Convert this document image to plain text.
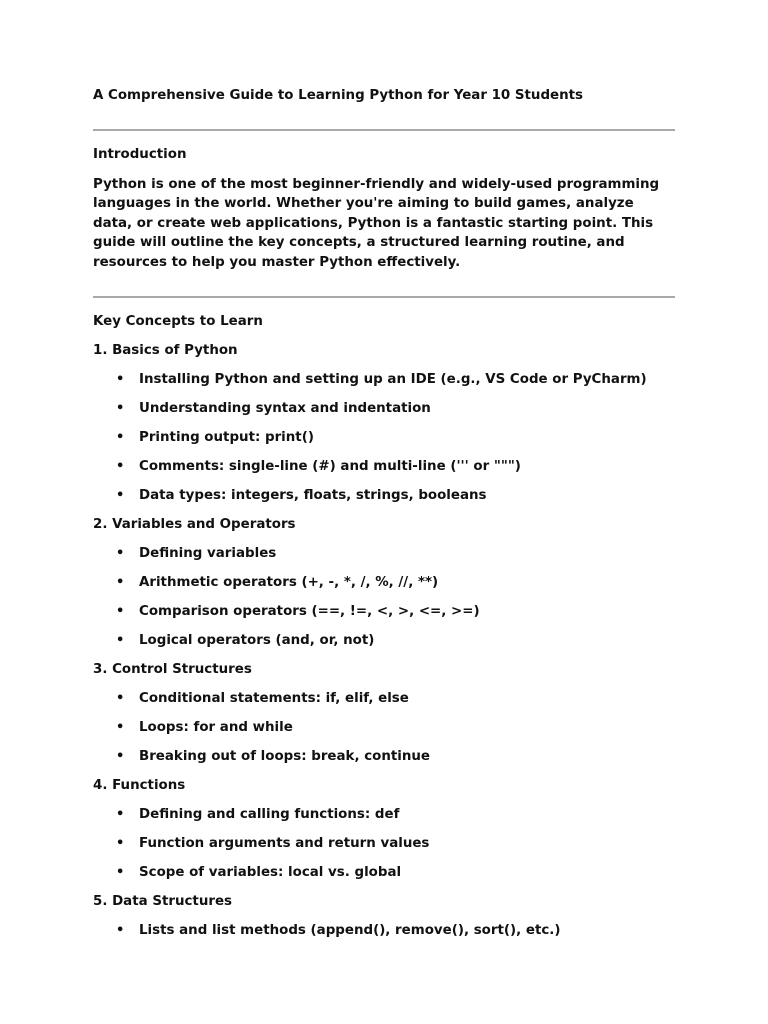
A Comprehensive Guide to Learning Python for Year 10 Students
Introduction

Python is one of the most beginner-friendly and widely-used programming languages in the world. Whether you're aiming to build games, analyze data, or create web applications, Python is a fantastic starting point. This guide will outline the key concepts, a structured learning routine, and resources to help you master Python effectively.

Key Concepts to Learn
1. Basics of Python
• Installing Python and setting up an IDE (e.g., VS Code or PyCharm)
• Understanding syntax and indentation
• Printing output: print()
• Comments: single-line (#) and multi-line (''' or """)
• Data types: integers, floats, strings, booleans
2. Variables and Operators
• Defining variables
• Arithmetic operators (+, -, *, /, %, //, **)
• Comparison operators (==, !=, <, >, <=, >=)
• Logical operators (and, or, not)
3. Control Structures
• Conditional statements: if, elif, else
• Loops: for and while
• Breaking out of loops: break, continue
4. Functions
• Defining and calling functions: def
• Function arguments and return values
• Scope of variables: local vs. global
5. Data Structures
• Lists and list methods (append(), remove(), sort(), etc.)
